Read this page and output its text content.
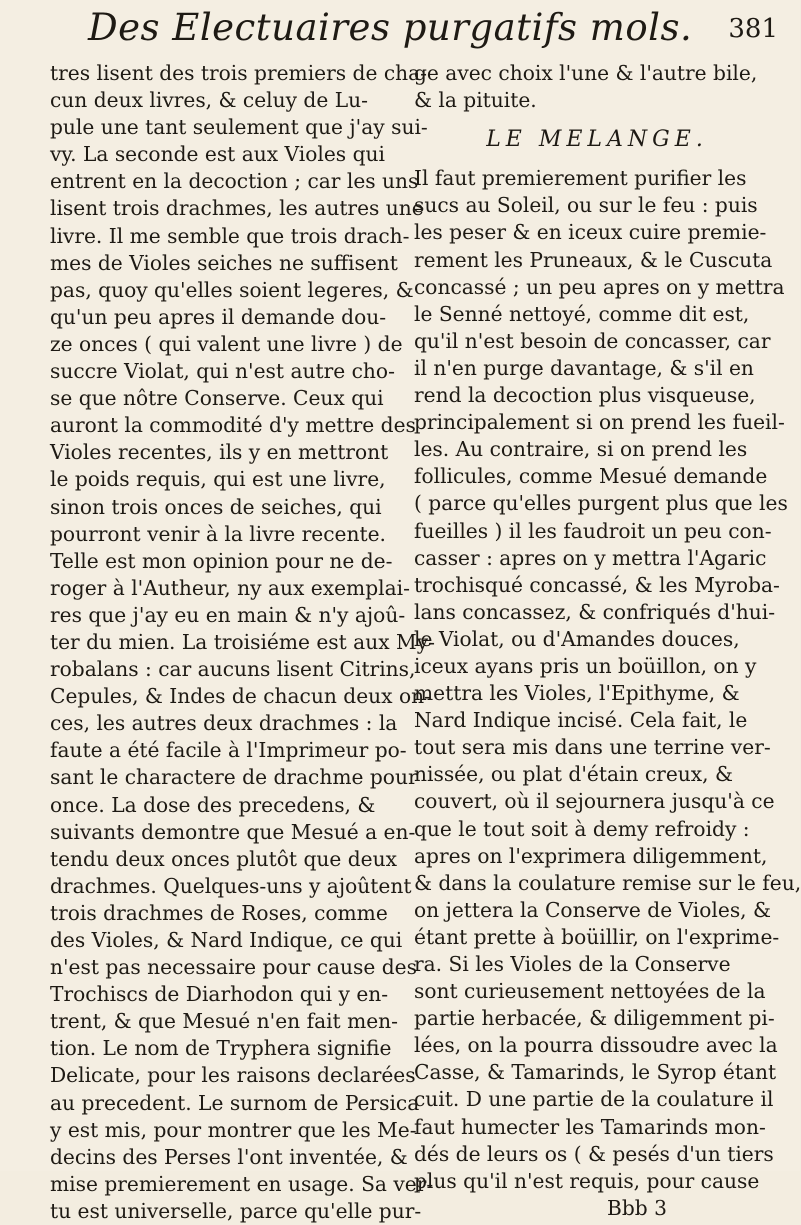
Des Electuaires purgatifs mols. 381
tres lisent des trois premiers de cha-
cun deux livres, & celuy de Lu-
pule une tant seulement que j'ay sui-
vy. La seconde est aux Violes qui
entrent en la decoction ; car les uns
lisent trois drachmes, les autres une
livre. Il me semble que trois drach-
mes de Violes seiches ne suffisent
pas, quoy qu'elles soient legeres, &
qu'un peu apres il demande dou-
ze onces ( qui valent une livre ) de
succre Violat, qui n'est autre cho-
se que nôtre Conserve. Ceux qui
auront la commodité d'y mettre des
Violes recentes, ils y en mettront
le poids requis, qui est une livre,
sinon trois onces de seiches, qui
pourront venir à la livre recente.
Telle est mon opinion pour ne de-
roger à l'Autheur, ny aux exemplai-
res que j'ay eu en main & n'y ajoû-
ter du mien. La troisiéme est aux My-
robalans : car aucuns lisent Citrins,
Cepules, & Indes de chacun deux on-
ces, les autres deux drachmes : la
faute a été facile à l'Imprimeur po-
sant le charactere de drachme pour
once. La dose des precedens, &
suivants demontre que Mesué a en-
tendu deux onces plutôt que deux
drachmes. Quelques-uns y ajoûtent
trois drachmes de Roses, comme
des Violes, & Nard Indique, ce qui
n'est pas necessaire pour cause des
Trochiscs de Diarhodon qui y en-
trent, & que Mesué n'en fait men-
tion. Le nom de Tryphera signifie
Delicate, pour les raisons declarées
au precedent. Le surnom de Persica
y est mis, pour montrer que les Me-
decins des Perses l'ont inventée, &
mise premierement en usage. Sa ver-
tu est universelle, parce qu'elle pur-
ge avec choix l'une & l'autre bile,
& la pituite.
LE MELANGE.
Il faut premierement purifier les
sucs au Soleil, ou sur le feu : puis
les peser & en iceux cuire premie-
rement les Pruneaux, & le Cuscuta
concassé ; un peu apres on y mettra
le Senné nettoyé, comme dit est,
qu'il n'est besoin de concasser, car
il n'en purge davantage, & s'il en
rend la decoction plus visqueuse,
principalement si on prend les fueil-
les. Au contraire, si on prend les
follicules, comme Mesué demande
( parce qu'elles purgent plus que les
fueilles ) il les faudroit un peu con-
casser : apres on y mettra l'Agaric
trochisqué concassé, & les Myroba-
lans concassez, & confriqués d'hui-
le Violat, ou d'Amandes douces,
iceux ayans pris un boüillon, on y
mettra les Violes, l'Epithyme, &
Nard Indique incisé. Cela fait, le
tout sera mis dans une terrine ver-
nissée, ou plat d'étain creux, &
couvert, où il sejournera jusqu'à ce
que le tout soit à demy refroidy :
apres on l'exprimera diligemment,
& dans la coulature remise sur le feu,
on jettera la Conserve de Violes, &
étant prette à boüillir, on l'exprime-
ra. Si les Violes de la Conserve
sont curieusement nettoyées de la
partie herbacée, & diligemment pi-
lées, on la pourra dissoudre avec la
Casse, & Tamarinds, le Syrop étant
cuit. D une partie de la coulature il
faut humecter les Tamarinds mon-
dés de leurs os ( & pesés d'un tiers
plus qu'il n'est requis, pour cause
Bbb 3
